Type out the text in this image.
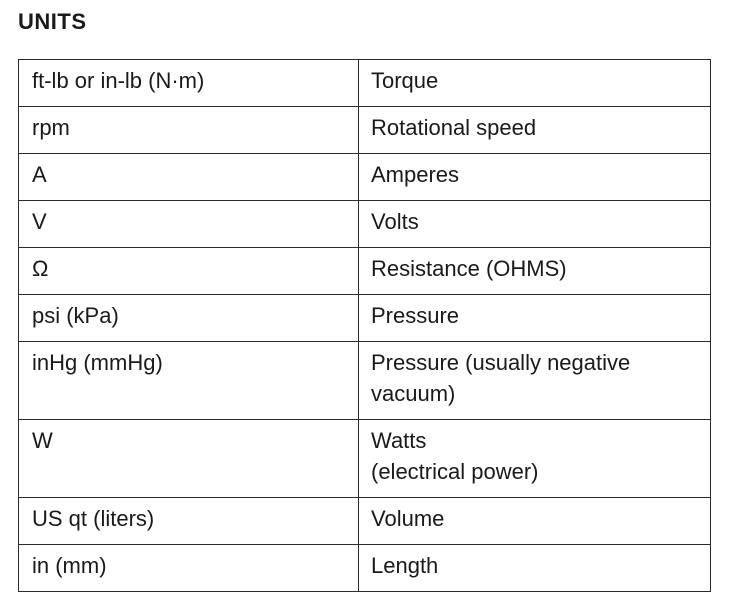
UNITS
ft-lb or in-lb (N·m)	Torque
rpm	Rotational speed
A	Amperes
V	Volts
Ω	Resistance (OHMS)
psi (kPa)	Pressure
inHg (mmHg)	Pressure (usually negative
vacuum)
W	Watts
(electrical power)
US qt (liters)	Volume
in (mm)	Length
